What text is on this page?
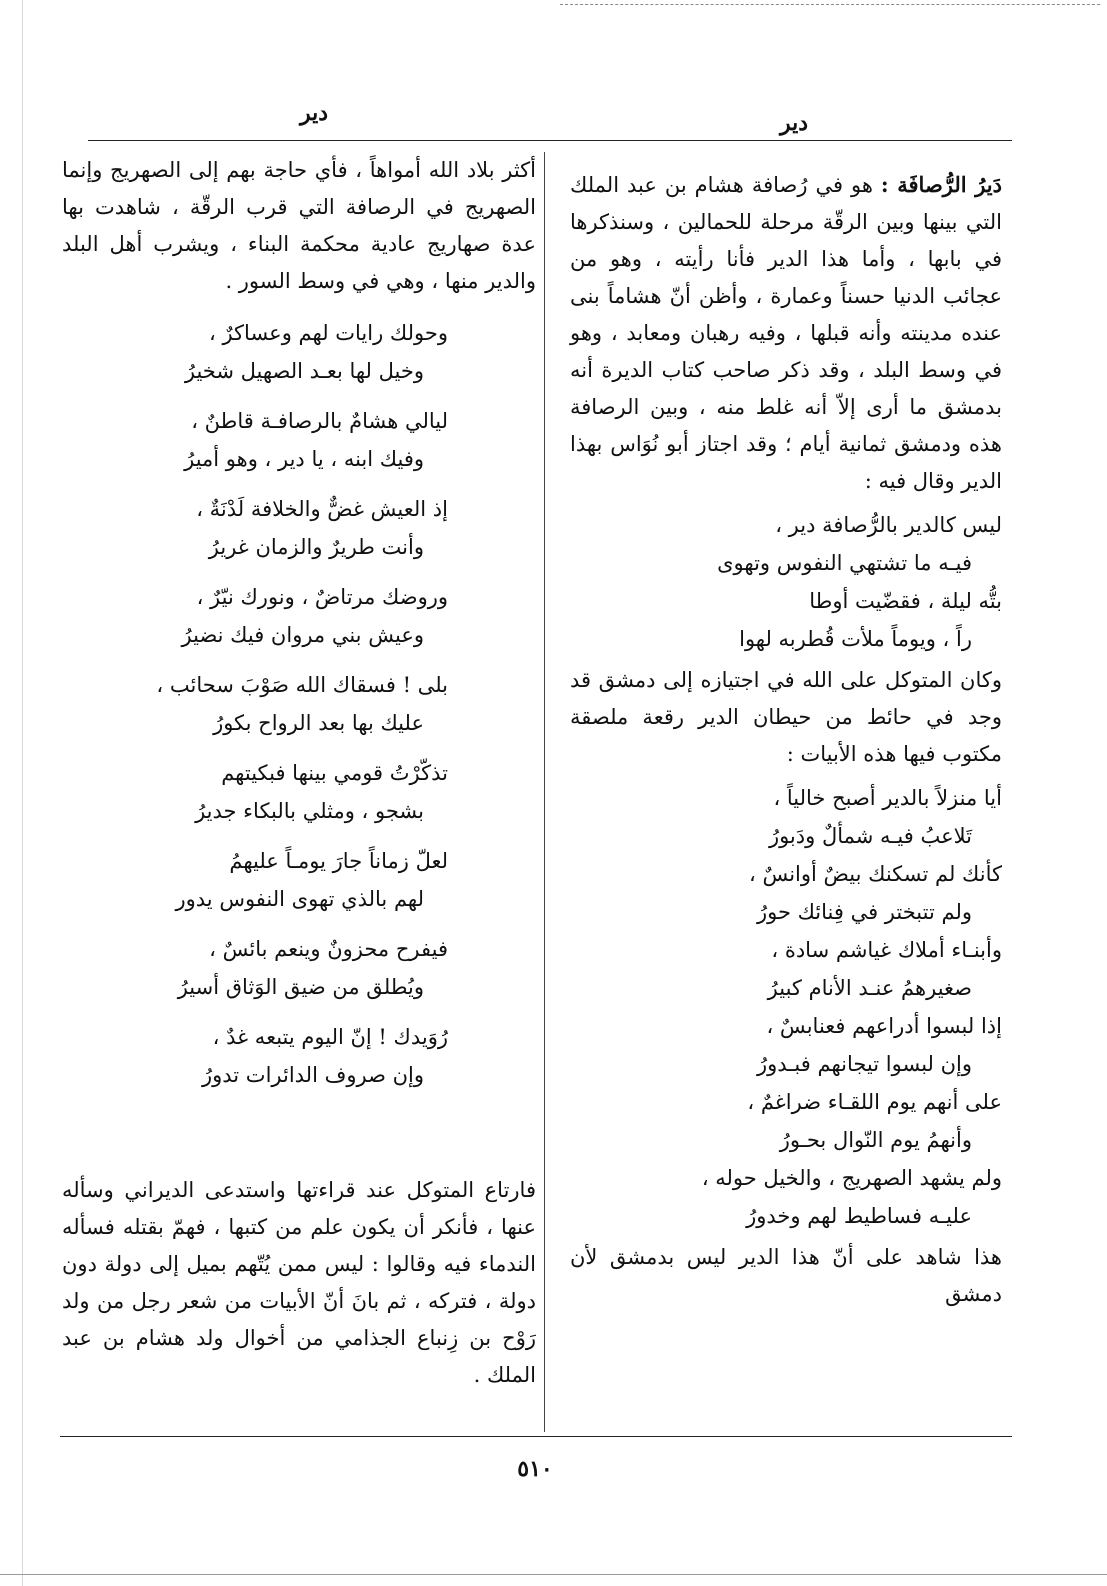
دير
دير

دَيرُ الرُّصافَة : هو في رُصافة هشام بن عبد الملك التي بينها وبين الرقّة مرحلة للحمالين ، وسنذكرها في بابها ، وأما هذا الدير فأنا رأيته ، وهو من عجائب الدنيا حسناً وعمارة ، وأظن أنّ هشاماً بنى عنده مدينته وأنه قبلها ، وفيه رهبان ومعابد ، وهو في وسط البلد ، وقد ذكر صاحب كتاب الديرة أنه بدمشق ما أرى إلاّ أنه غلط منه ، وبين الرصافة هذه ودمشق ثمانية أيام ؛ وقد اجتاز أبو نُوَاس بهذا الدير وقال فيه :

ليس كالدير بالرُّصافة دير ،
فيـه ما تشتهي النفوس وتهوى
بتُّه ليلة ، فقضّيت أوطا
راً ، ويوماً ملأت قُطربه لهوا

وكان المتوكل على الله في اجتيازه إلى دمشق قد وجد في حائط من حيطان الدير رقعة ملصقة مكتوب فيها هذه الأبيات :

أيا منزلاً بالدير أصبح خالياً ،
تَلاعبُ فيـه شمألٌ ودَبورُ
كأنك لم تسكنك بيضٌ أوانسٌ ،
ولم تتبختر في فِنائك حورُ
وأبنـاء أملاك غياشم سادة ،
صغيرهمُ عنـد الأنام كبيرُ
إذا لبسوا أدراعهم فعنابسٌ ،
وإن لبسوا تيجانهم فبـدورُ
على أنهم يوم اللقـاء ضراغمٌ ،
وأنهمُ يوم النّوال بحـورُ
ولم يشهد الصهريج ، والخيل حوله ،
عليـه فساطيط لهم وخدورُ

هذا شاهد على أنّ هذا الدير ليس بدمشق لأن دمشق

أكثر بلاد الله أمواهاً ، فأي حاجة بهم إلى الصهريج وإنما الصهريج في الرصافة التي قرب الرقّة ، شاهدت بها عدة صهاريج عادية محكمة البناء ، ويشرب أهل البلد والدير منها ، وهي في وسط السور .

وحولك رايات لهم وعساكرٌ ،
وخيل لها بعـد الصهيل شخيرُ
ليالي هشامٌ بالرصافـة قاطنٌ ،
وفيك ابنه ، يا دير ، وهو أميرُ
إذ العيش غضٌّ والخلافة لَدْنَةٌ ،
وأنت طريرٌ والزمان غريرُ
وروضك مرتاضٌ ، ونورك نيّرٌ ،
وعيش بني مروان فيك نضيرُ
بلى ! فسقاك الله صَوْبَ سحائب ،
عليك بها بعد الرواح بكورُ
تذكّرْتُ قومي بينها فبكيتهم
بشجو ، ومثلي بالبكاء جديرُ
لعلّ زماناً جارَ يومـاً عليهمُ
لهم بالذي تهوى النفوس يدور
فيفرح محزونٌ وينعم بائسٌ ،
ويُطلق من ضيق الوَثاق أسيرُ
رُوَيدك ! إنّ اليوم يتبعه غدٌ ،
وإن صروف الدائرات تدورُ

فارتاع المتوكل عند قراءتها واستدعى الديراني وسأله عنها ، فأنكر أن يكون علم من كتبها ، فهمّ بقتله فسأله الندماء فيه وقالوا : ليس ممن يُتّهم بميل إلى دولة دون دولة ، فتركه ، ثم بانَ أنّ الأبيات من شعر رجل من ولد رَوْح بن زِنباع الجذامي من أخوال ولد هشام بن عبد الملك .

٥١٠
